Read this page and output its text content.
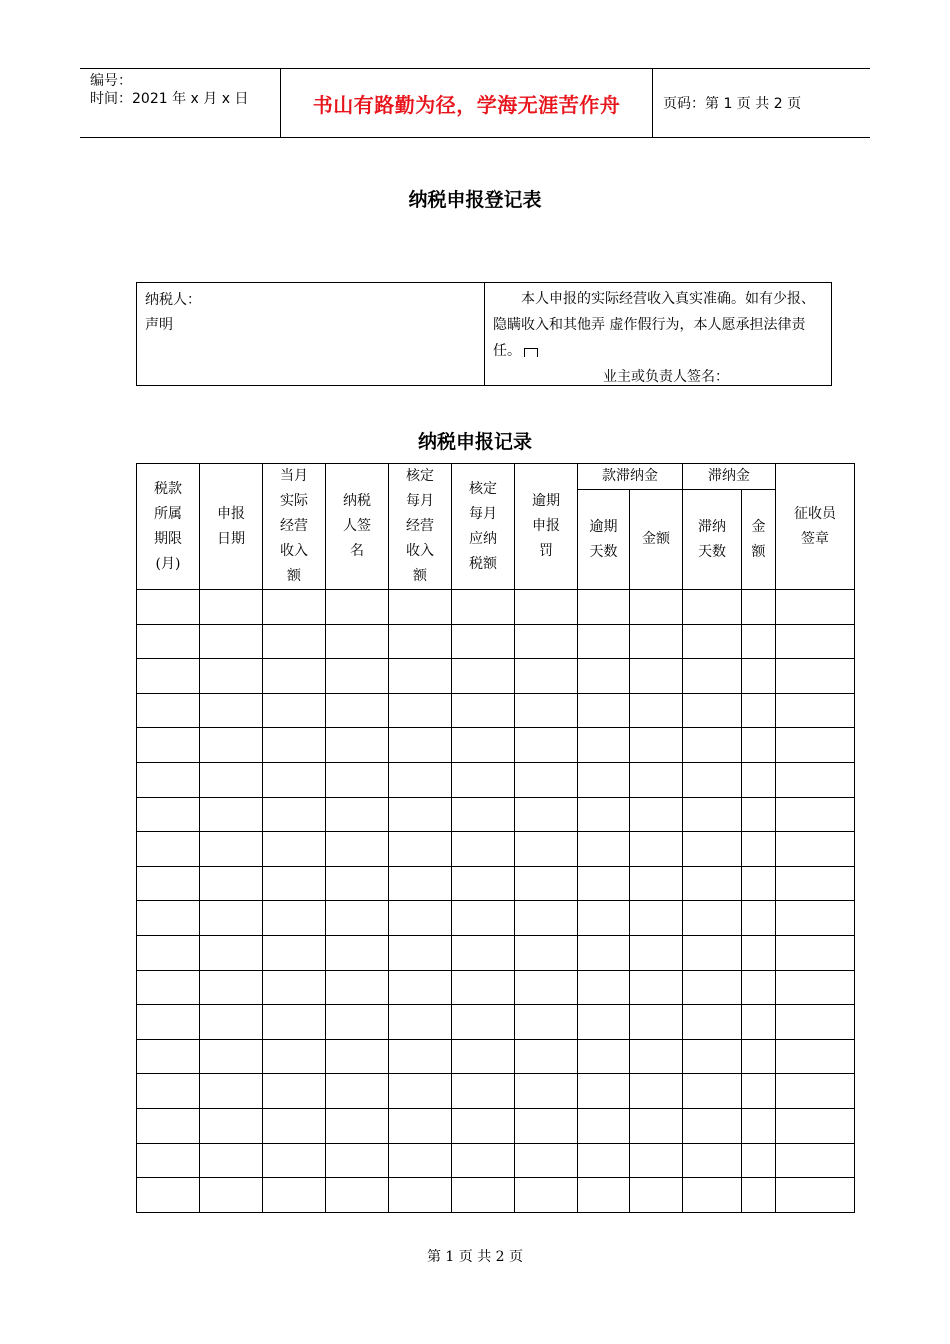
编号：
时间：2021 年 x 月 x 日	书山有路勤为径，学海无涯苦作舟	页码：第 1 页 共 2 页
纳税申报登记表
纳税人：
声明
本人申报的实际经营收入真实准确。如有少报、隐瞒收入和其他弄 虚作假行为，本人愿承担法律责任。
业主或负责人签名：
纳税申报记录
税款所属期限(月)	申报日期	当月实际经营收入额	纳税人签名	核定每月经营收入额	核定每月应纳税额	逾期申报罚	款滞纳金		滞纳金		征收员签章

							逾期天数	金额	滞纳天数	金额	

第 1 页 共 2 页
